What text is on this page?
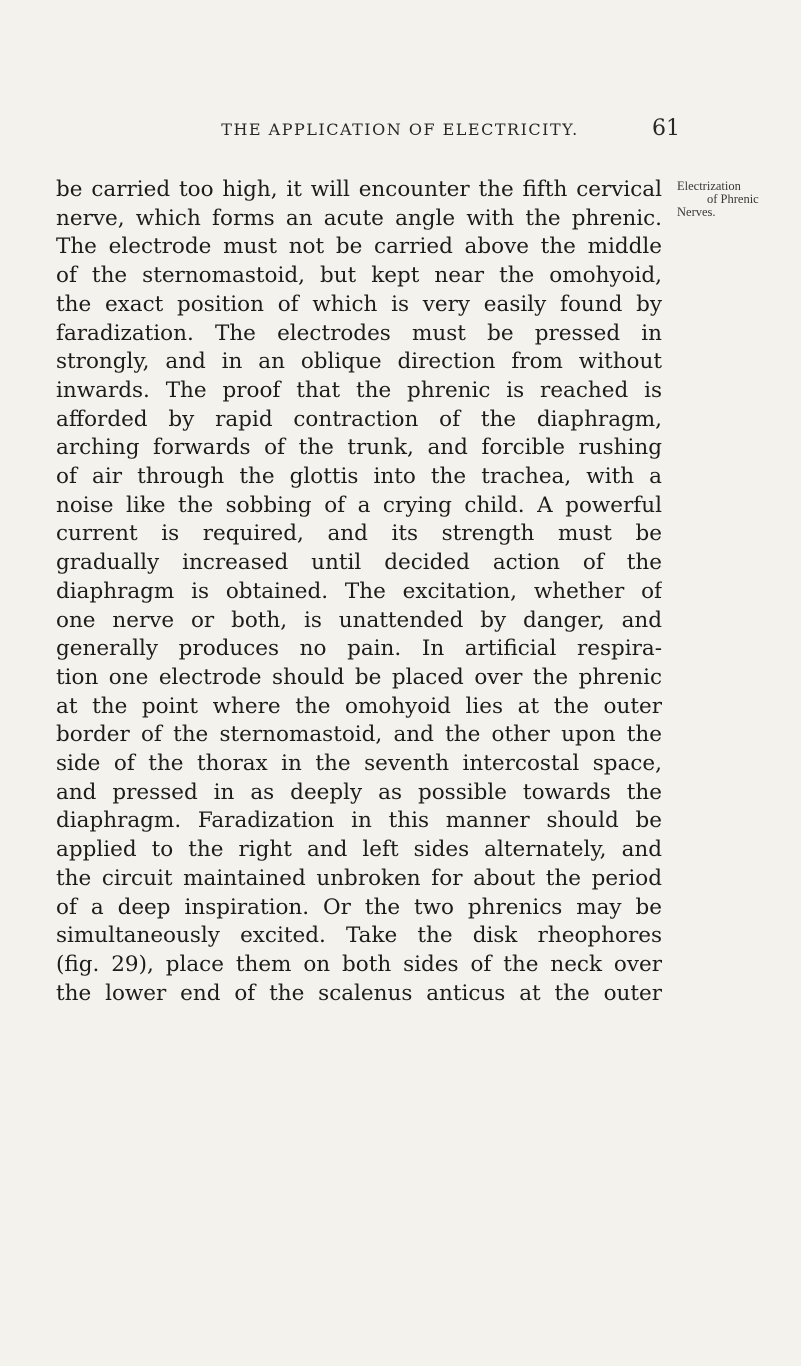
THE APPLICATION OF ELECTRICITY.	61
Electrization
of Phrenic
Nerves.
be carried too high, it will encounter the fifth cervical
nerve, which forms an acute angle with the phrenic.
The electrode must not be carried above the middle
of the sternomastoid, but kept near the omohyoid,
the exact position of which is very easily found by
faradization. The electrodes must be pressed in
strongly, and in an oblique direction from without
inwards. The proof that the phrenic is reached is
afforded by rapid contraction of the diaphragm,
arching forwards of the trunk, and forcible rushing
of air through the glottis into the trachea, with a
noise like the sobbing of a crying child. A powerful
current is required, and its strength must be
gradually increased until decided action of the
diaphragm is obtained. The excitation, whether of
one nerve or both, is unattended by danger, and
generally produces no pain. In artificial respira-
tion one electrode should be placed over the phrenic
at the point where the omohyoid lies at the outer
border of the sternomastoid, and the other upon the
side of the thorax in the seventh intercostal space,
and pressed in as deeply as possible towards the
diaphragm. Faradization in this manner should be
applied to the right and left sides alternately, and
the circuit maintained unbroken for about the period
of a deep inspiration. Or the two phrenics may be
simultaneously excited. Take the disk rheophores
(fig. 29), place them on both sides of the neck over
the lower end of the scalenus anticus at the outer
